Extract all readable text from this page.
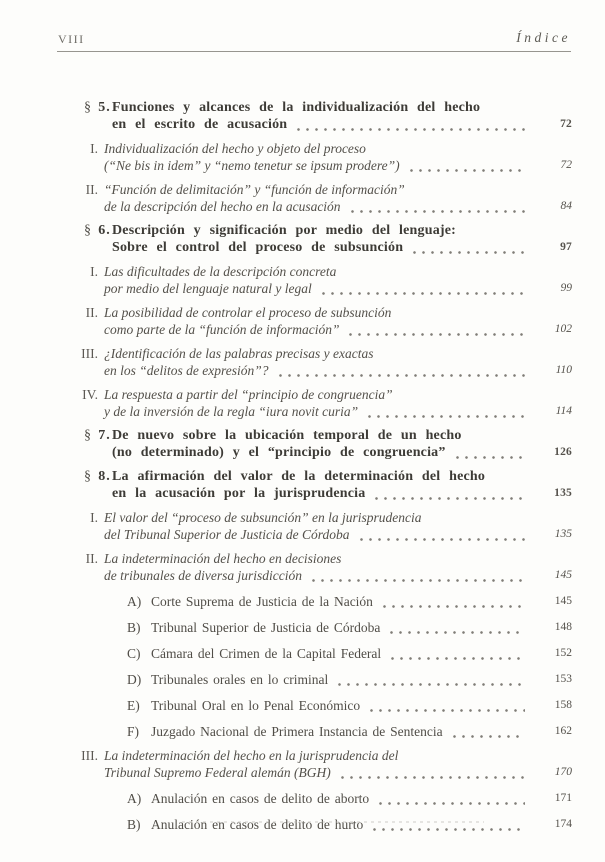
VIII	Índice
§ 5. Funciones y alcances de la individualización del hecho
en el escrito de acusación	72
I. Individualización del hecho y objeto del proceso
(“Ne bis in idem” y “nemo tenetur se ipsum prodere”)	72
II. “Función de delimitación” y “función de información”
de la descripción del hecho en la acusación	84
§ 6. Descripción y significación por medio del lenguaje:
Sobre el control del proceso de subsunción	97
I. Las dificultades de la descripción concreta
por medio del lenguaje natural y legal	99
II. La posibilidad de controlar el proceso de subsunción
como parte de la “función de información”	102
III. ¿Identificación de las palabras precisas y exactas
en los “delitos de expresión”?	110
IV. La respuesta a partir del “principio de congruencia”
y de la inversión de la regla “iura novit curia”	114
§ 7. De nuevo sobre la ubicación temporal de un hecho
(no determinado) y el “principio de congruencia”	126
§ 8. La afirmación del valor de la determinación del hecho
en la acusación por la jurisprudencia	135
I. El valor del “proceso de subsunción” en la jurisprudencia
del Tribunal Superior de Justicia de Córdoba	135
II. La indeterminación del hecho en decisiones
de tribunales de diversa jurisdicción	145
A) Corte Suprema de Justicia de la Nación	145
B) Tribunal Superior de Justicia de Córdoba	148
C) Cámara del Crimen de la Capital Federal	152
D) Tribunales orales en lo criminal	153
E) Tribunal Oral en lo Penal Económico	158
F) Juzgado Nacional de Primera Instancia de Sentencia	162
III. La indeterminación del hecho en la jurisprudencia del
Tribunal Supremo Federal alemán (BGH)	170
A) Anulación en casos de delito de aborto	171
B) Anulación en casos de delito de hurto	174
